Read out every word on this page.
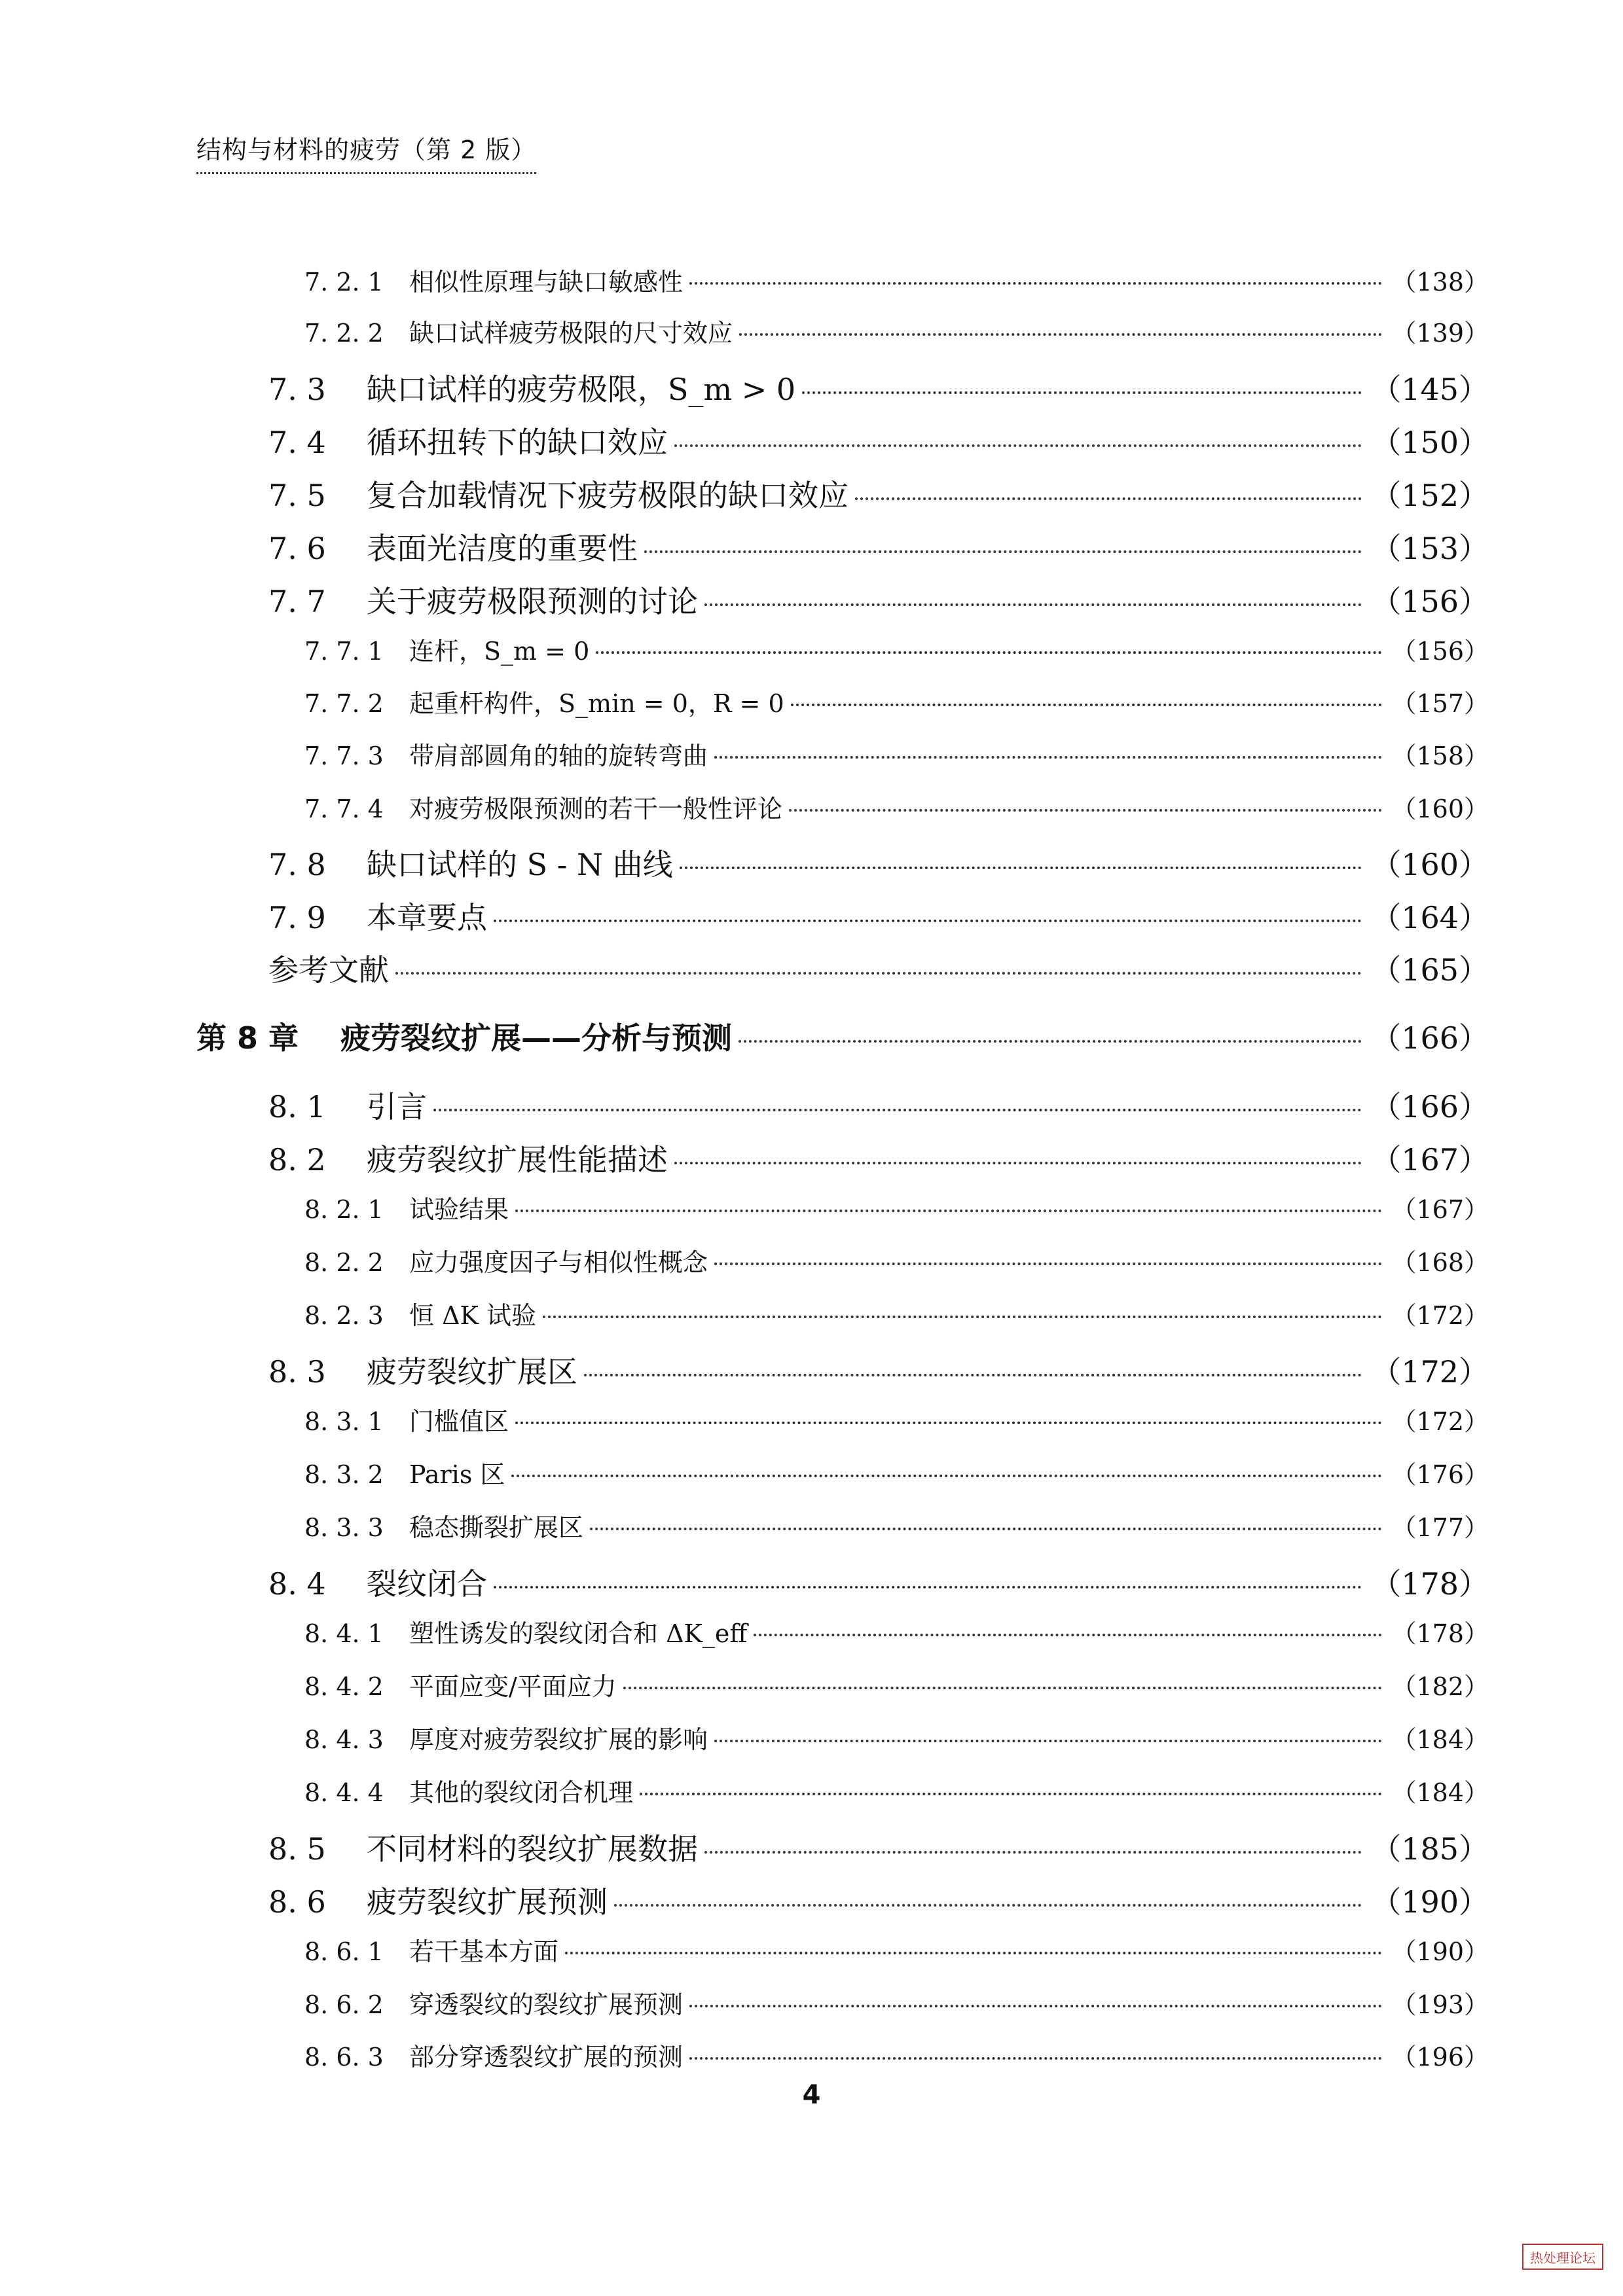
结构与材料的疲劳（第 2 版）
7. 2. 1	相似性原理与缺口敏感性	（138）
7. 2. 2	缺口试样疲劳极限的尺寸效应	（139）
7. 3	缺口试样的疲劳极限，S_m > 0	（145）
7. 4	循环扭转下的缺口效应	（150）
7. 5	复合加载情况下疲劳极限的缺口效应	（152）
7. 6	表面光洁度的重要性	（153）
7. 7	关于疲劳极限预测的讨论	（156）
7. 7. 1	连杆，S_m = 0	（156）
7. 7. 2	起重杆构件，S_min = 0，R = 0	（157）
7. 7. 3	带肩部圆角的轴的旋转弯曲	（158）
7. 7. 4	对疲劳极限预测的若干一般性评论	（160）
7. 8	缺口试样的 S - N 曲线	（160）
7. 9	本章要点	（164）
参考文献	（165）
第 8 章	疲劳裂纹扩展——分析与预测	（166）
8. 1	引言	（166）
8. 2	疲劳裂纹扩展性能描述	（167）
8. 2. 1	试验结果	（167）
8. 2. 2	应力强度因子与相似性概念	（168）
8. 2. 3	恒 ΔK 试验	（172）
8. 3	疲劳裂纹扩展区	（172）
8. 3. 1	门槛值区	（172）
8. 3. 2	Paris 区	（176）
8. 3. 3	稳态撕裂扩展区	（177）
8. 4	裂纹闭合	（178）
8. 4. 1	塑性诱发的裂纹闭合和 ΔK_eff	（178）
8. 4. 2	平面应变/平面应力	（182）
8. 4. 3	厚度对疲劳裂纹扩展的影响	（184）
8. 4. 4	其他的裂纹闭合机理	（184）
8. 5	不同材料的裂纹扩展数据	（185）
8. 6	疲劳裂纹扩展预测	（190）
8. 6. 1	若干基本方面	（190）
8. 6. 2	穿透裂纹的裂纹扩展预测	（193）
8. 6. 3	部分穿透裂纹扩展的预测	（196）
4
热处理论坛
